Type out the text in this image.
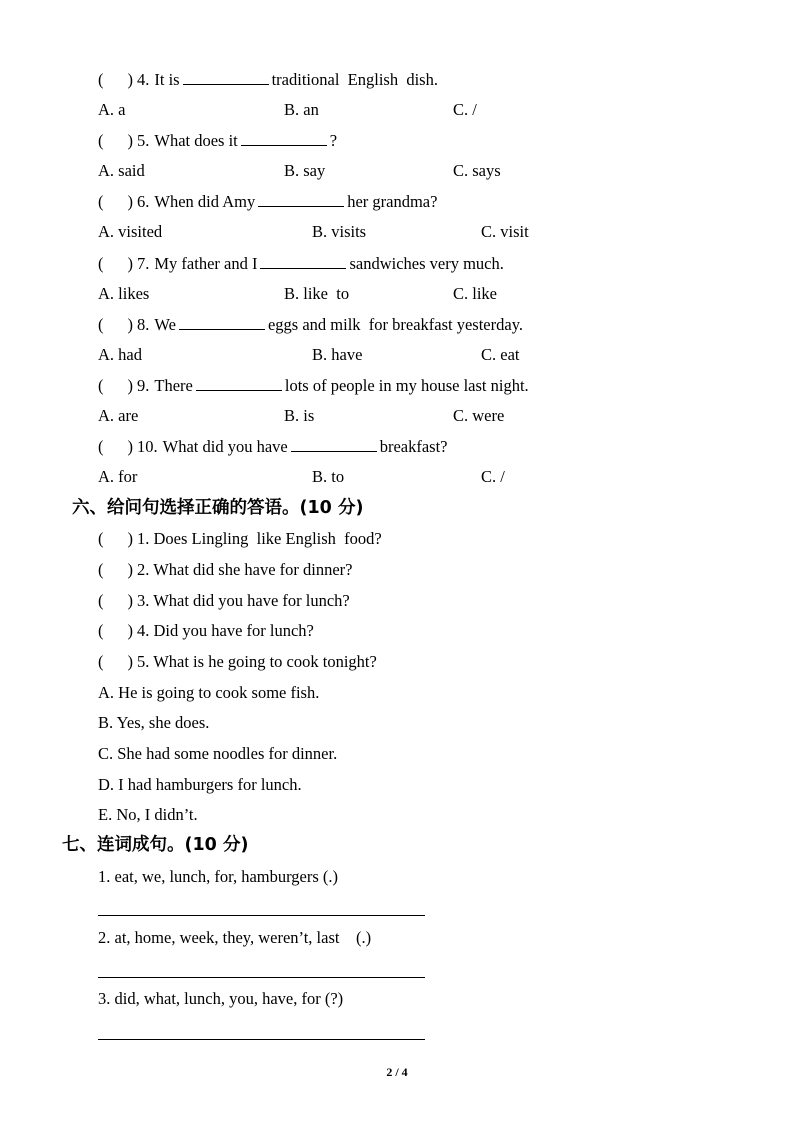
( ) 4. It is	traditional  English  dish.
A. a	B. an	C. /
( ) 5. What does it	?
A. said	B. say	C. says
( ) 6. When did Amy	her grandma?
A. visited	B. visits	C. visit
( ) 7. My father and I	sandwiches very much.
A. likes	B. like  to	C. like
( ) 8. We	eggs and milk  for breakfast yesterday.
A. had	B. have	C. eat
( ) 9. There	lots of people in my house last night.
A. are	B. is	C. were
( ) 10. What did you have	breakfast?
A. for	B. to	C. /
六、给问句选择正确的答语。(10 分)
( ) 1. Does Lingling  like English  food?
( ) 2. What did she have for dinner?
( ) 3. What did you have for lunch?
( ) 4. Did you have for lunch?
( ) 5. What is he going to cook tonight?
A. He is going to cook some fish.
B. Yes, she does.
C. She had some noodles for dinner.
D. I had hamburgers for lunch.
E. No, I didn’t.
七、连词成句。(10 分)
1. eat, we, lunch, for, hamburgers (.)
2. at, home, week, they, weren’t, last    (.)
3. did, what, lunch, you, have, for (?)
2 / 4
